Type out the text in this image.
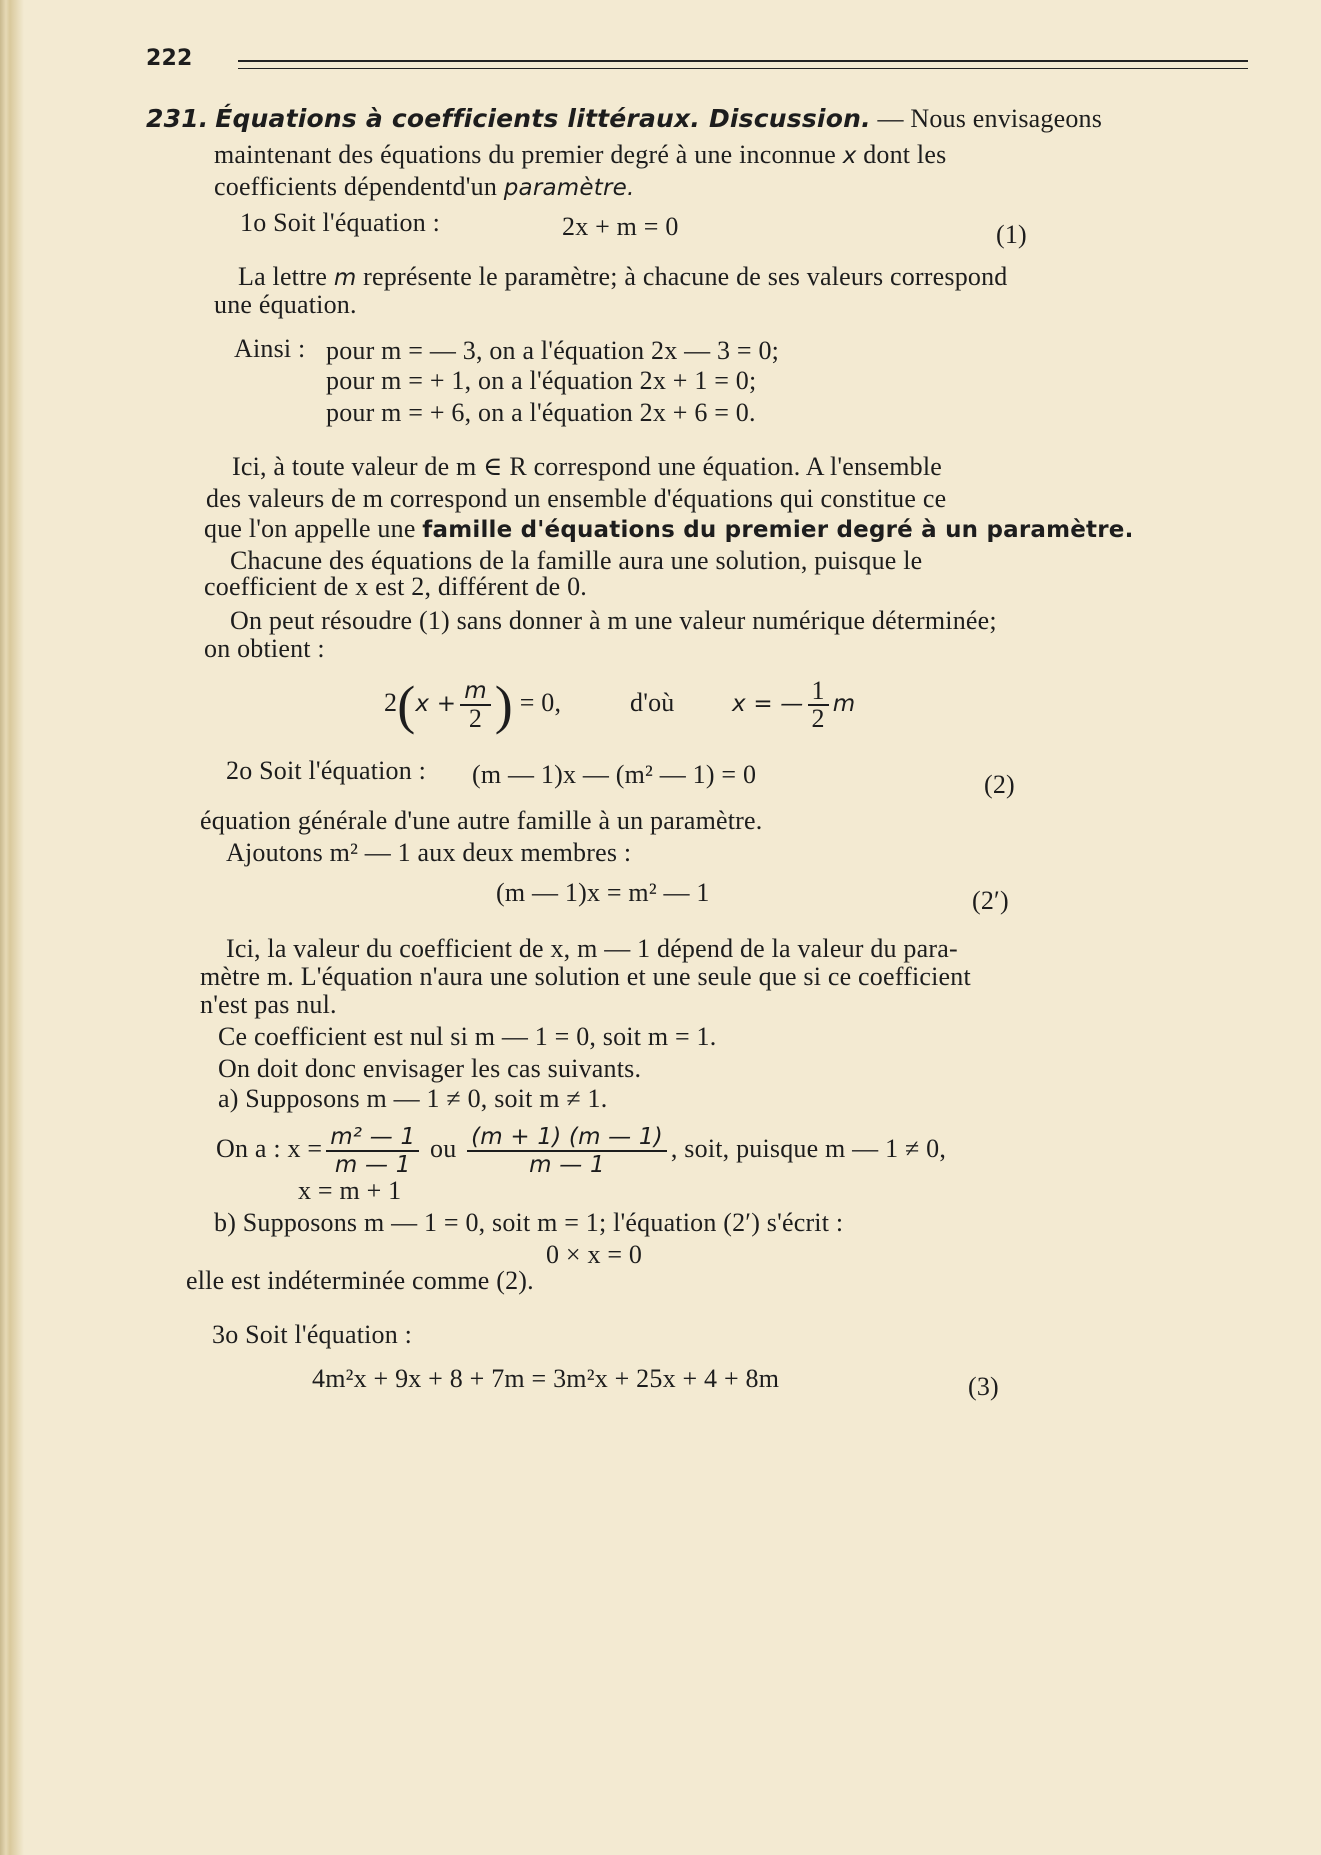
222
231. Équations à coefficients littéraux. Discussion. — Nous envisageons
maintenant des équations du premier degré à une inconnue x dont les
coefficients dépendentd'un paramètre.
1o Soit l'équation :	2x + m = 0	(1)
La lettre m représente le paramètre; à chacune de ses valeurs correspond
une équation.
Ainsi : pour m = — 3, on a l'équation 2x — 3 = 0;
pour m = + 1, on a l'équation 2x + 1 = 0;
pour m = + 6, on a l'équation 2x + 6 = 0.
Ici, à toute valeur de m ∈ R correspond une équation. A l'ensemble
des valeurs de m correspond un ensemble d'équations qui constitue ce
que l'on appelle une famille d'équations du premier degré à un paramètre.
Chacune des équations de la famille aura une solution, puisque le
coefficient de x est 2, différent de 0.
On peut résoudre (1) sans donner à m une valeur numérique déterminée;
on obtient :
$2(x + \frac{m}{2}$ ) = 0,	d'où	x = — $\frac{1}{2}$ m
2o Soit l'équation : (m — 1)x — (m² — 1) = 0	(2)
équation générale d'une autre famille à un paramètre.
Ajoutons m² — 1 aux deux membres :
(m — 1)x = m² — 1	(2′)
Ici, la valeur du coefficient de x, m — 1 dépend de la valeur du para-
mètre m. L'équation n'aura une solution et une seule que si ce coefficient
n'est pas nul.
Ce coefficient est nul si m — 1 = 0, soit m = 1.
On doit donc envisager les cas suivants.
a) Supposons m — 1 ≠ 0, soit m ≠ 1.
On a : $x = \frac{\text{m² — 1}}{m — 1}$ ou $\frac{(m + 1) (m — 1)}{m — 1}$ , soit, puisque m — 1 ≠ 0,
x = m + 1
b) Supposons m — 1 = 0, soit m = 1; l'équation (2′) s'écrit :
0 × x = 0
elle est indéterminée comme (2).
3o Soit l'équation :
4m²x + 9x + 8 + 7m = 3m²x + 25x + 4 + 8m	(3)
